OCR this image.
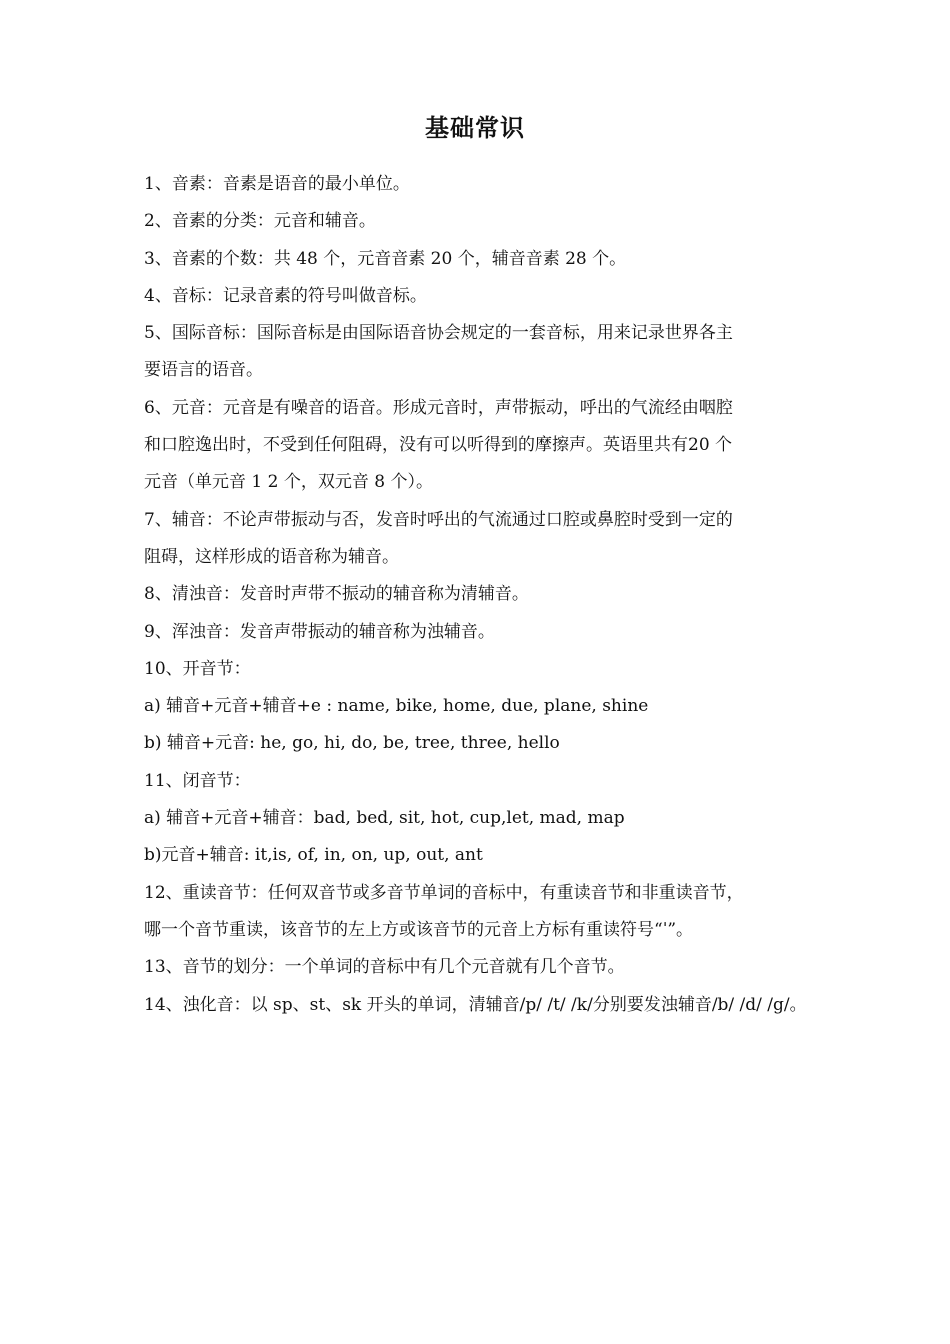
基础常识

1、音素：音素是语音的最小单位。

2、音素的分类：元音和辅音。

3、音素的个数：共 48 个，元音音素 20 个，辅音音素 28 个。

4、音标：记录音素的符号叫做音标。

5、国际音标：国际音标是由国际语音协会规定的一套音标，用来记录世界各主

要语言的语音。

6、元音：元音是有噪音的语音。形成元音时，声带振动，呼出的气流经由咽腔

和口腔逸出时，不受到任何阻碍，没有可以听得到的摩擦声。英语里共有20 个

元音（单元音 1 2 个，双元音 8 个）。

7、辅音：不论声带振动与否，发音时呼出的气流通过口腔或鼻腔时受到一定的

阻碍，这样形成的语音称为辅音。

8、清浊音：发音时声带不振动的辅音称为清辅音。

9、浑浊音：发音声带振动的辅音称为浊辅音。

10、开音节：

a) 辅音+元音+辅音+e : name, bike, home, due, plane, shine

b) 辅音+元音: he, go, hi, do, be, tree, three, hello

11、闭音节：

a) 辅音+元音+辅音：bad, bed, sit, hot, cup,let, mad, map

b)元音+辅音: it,is, of, in, on, up, out, ant

12、重读音节：任何双音节或多音节单词的音标中，有重读音节和非重读音节，

哪一个音节重读，该音节的左上方或该音节的元音上方标有重读符号“ˈ”。

13、音节的划分：一个单词的音标中有几个元音就有几个音节。

14、浊化音：以 sp、st、sk 开头的单词，清辅音/p/ /t/ /k/分别要发浊辅音/b/ /d/ /g/。
